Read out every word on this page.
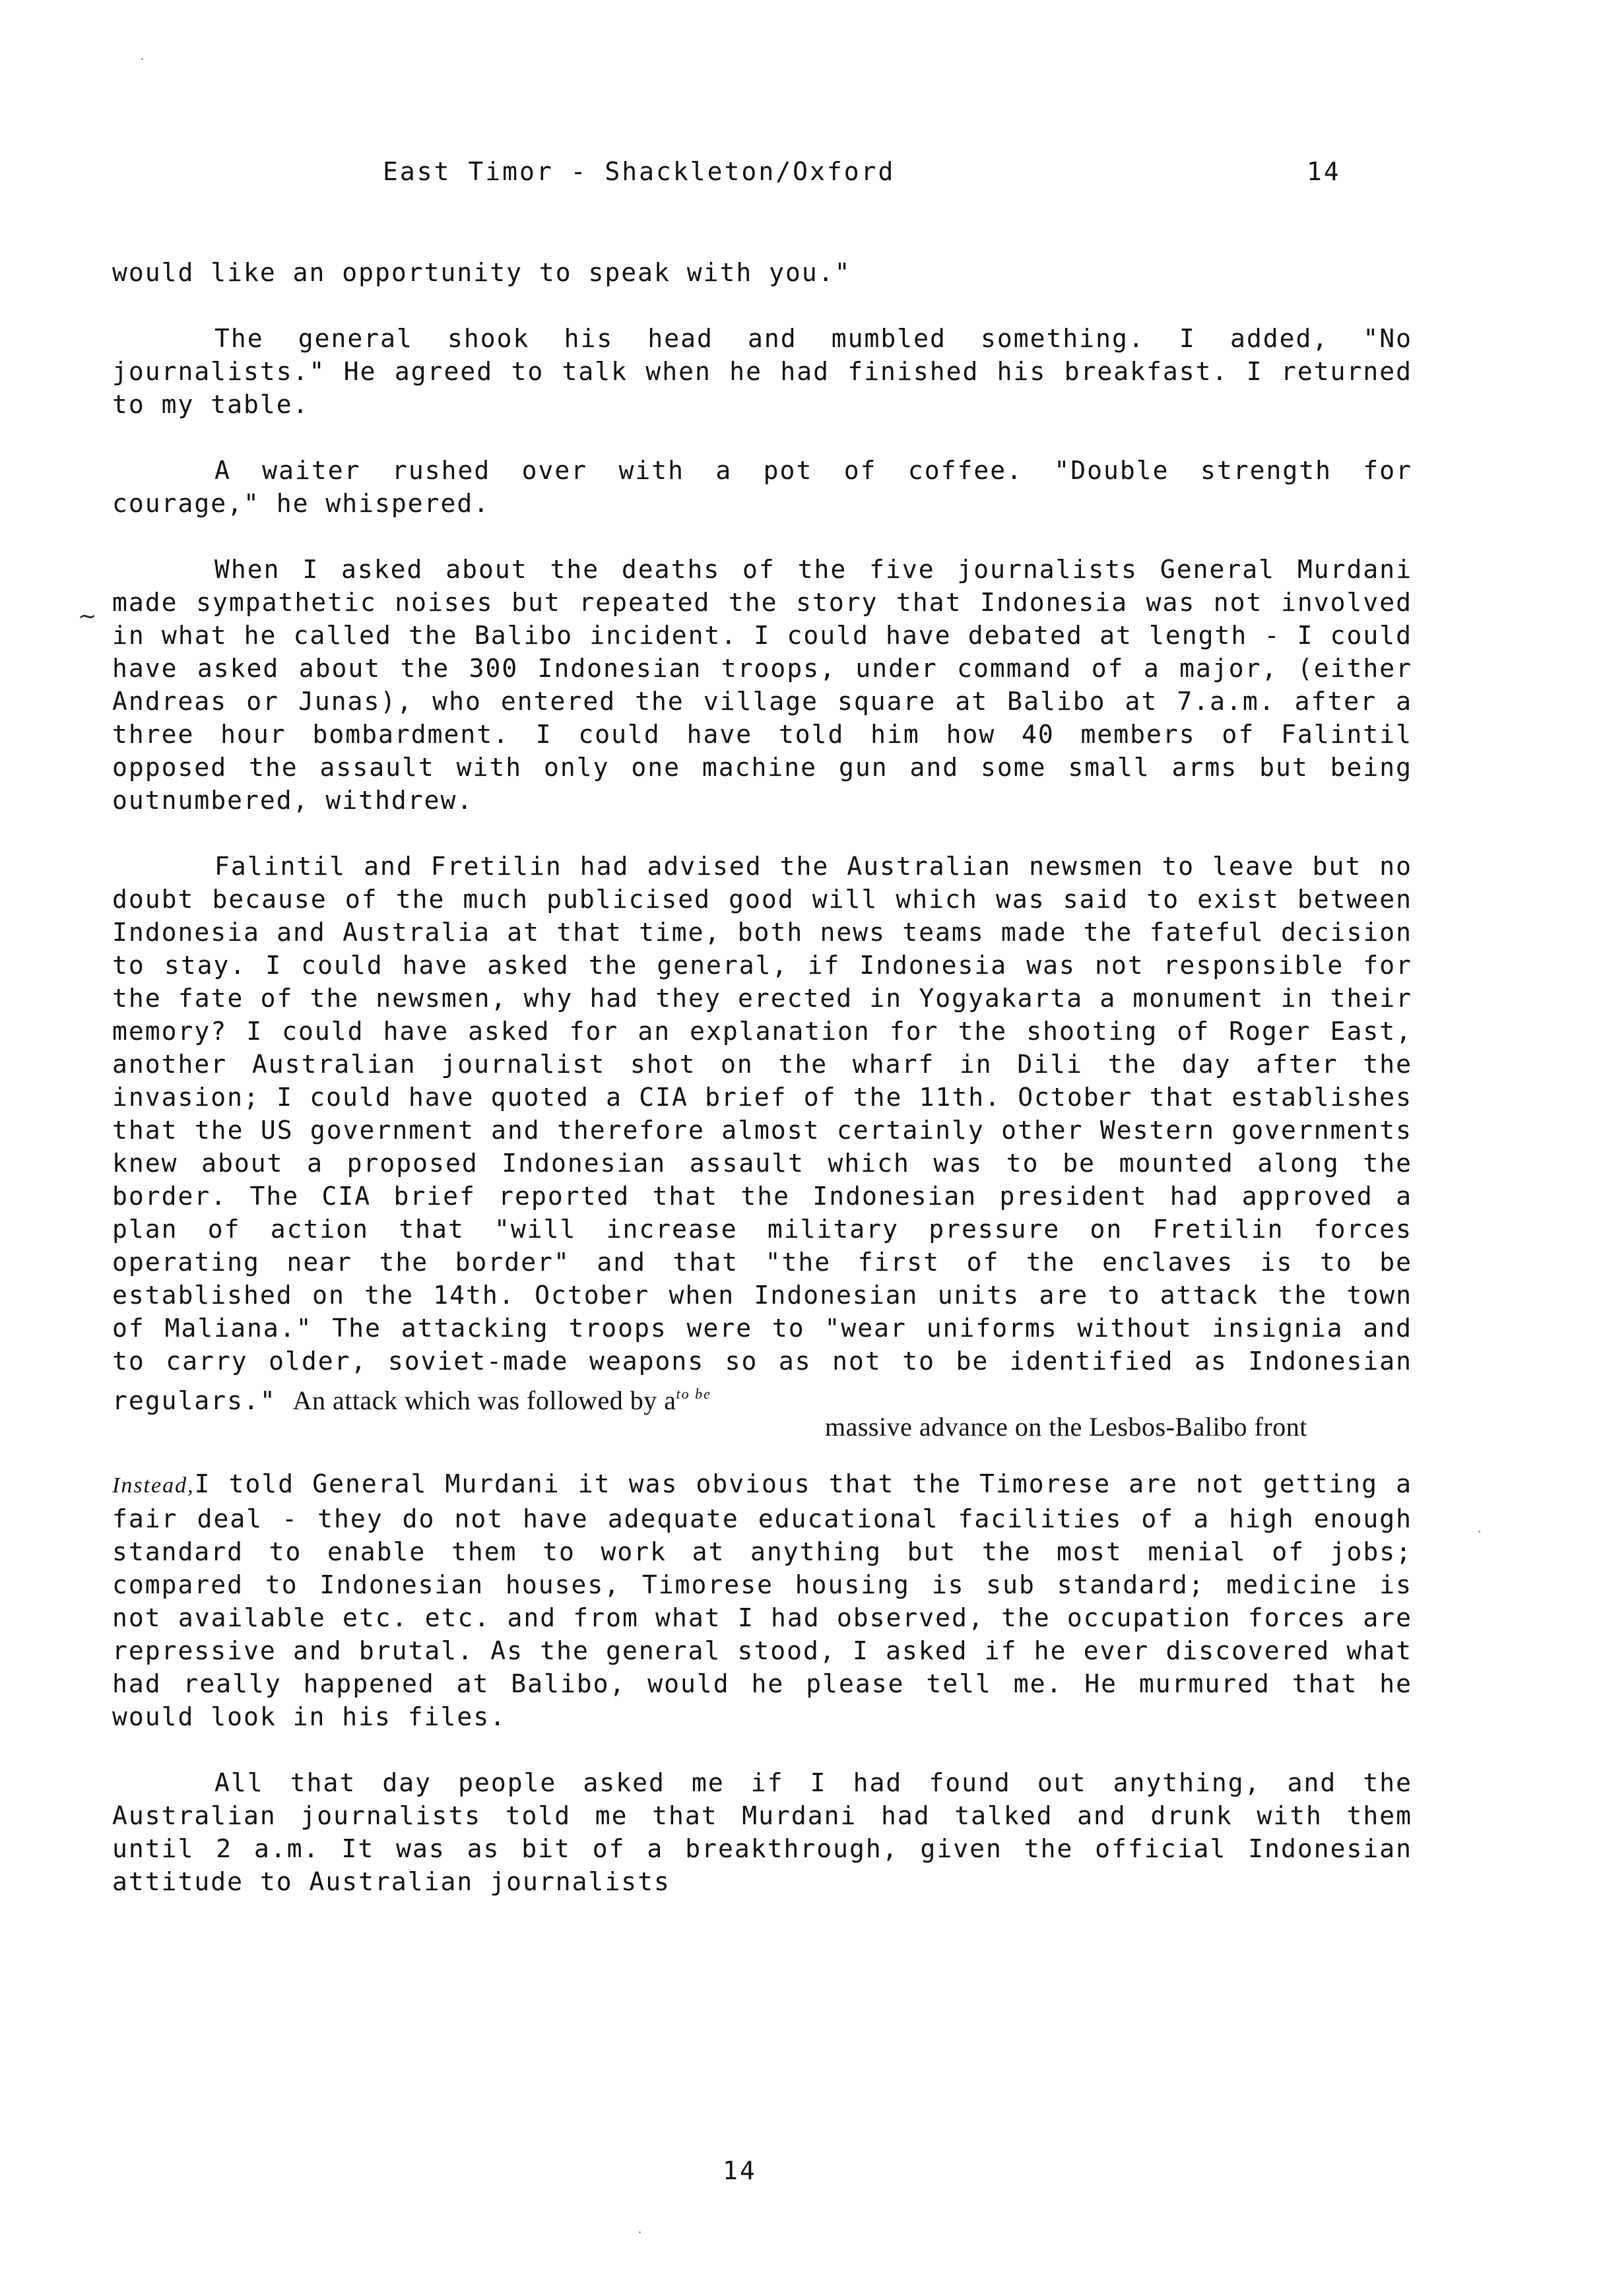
East Timor - Shackleton/Oxford	14
~

would like an opportunity to speak with you."

The general shook his head and mumbled something. I added, "No journalists." He agreed to talk when he had finished his breakfast. I returned to my table.

A waiter rushed over with a pot of coffee. "Double strength for courage," he whispered.

When I asked about the deaths of the five journalists General Murdani made sympathetic noises but repeated the story that Indonesia was not involved in what he called the Balibo incident. I could have debated at length - I could have asked about the 300 Indonesian troops, under command of a major, (either Andreas or Junas), who entered the village square at Balibo at 7.a.m. after a three hour bombardment. I could have told him how 40 members of Falintil opposed the assault with only one machine gun and some small arms but being outnumbered, withdrew.

Falintil and Fretilin had advised the Australian newsmen to leave but no doubt because of the much publicised good will which was said to exist between Indonesia and Australia at that time, both news teams made the fateful decision to stay. I could have asked the general, if Indonesia was not responsible for the fate of the newsmen, why had they erected in Yogyakarta a monument in their memory? I could have asked for an explanation for the shooting of Roger East, another Australian journalist shot on the wharf in Dili the day after the invasion; I could have quoted a CIA brief of the 11th. October that establishes that the US government and therefore almost certainly other Western governments knew about a proposed Indonesian assault which was to be mounted along the border. The CIA brief reported that the Indonesian president had approved a plan of action that "will increase military pressure on Fretilin forces operating near the border" and that "the first of the enclaves is to be established on the 14th. October when Indonesian units are to attack the town of Maliana." The attacking troops were to "wear uniforms without insignia and to carry older, soviet-made weapons so as not to be identified as Indonesian regulars." An attack which was followed by $a^{to be}$

massive advance on the Lesbos-Balibo front

Instead,I told General Murdani it was obvious that the Timorese are not getting a fair deal - they do not have adequate educational facilities of a high enough standard to enable them to work at anything but the most menial of jobs; compared to Indonesian houses, Timorese housing is sub standard; medicine is not available etc. etc. and from what I had observed, the occupation forces are repressive and brutal. As the general stood, I asked if he ever discovered what had really happened at Balibo, would he please tell me. He murmured that he would look in his files.

All that day people asked me if I had found out anything, and the Australian journalists told me that Murdani had talked and drunk with them until 2 a.m. It was as bit of a breakthrough, given the official Indonesian attitude to Australian journalists

14
